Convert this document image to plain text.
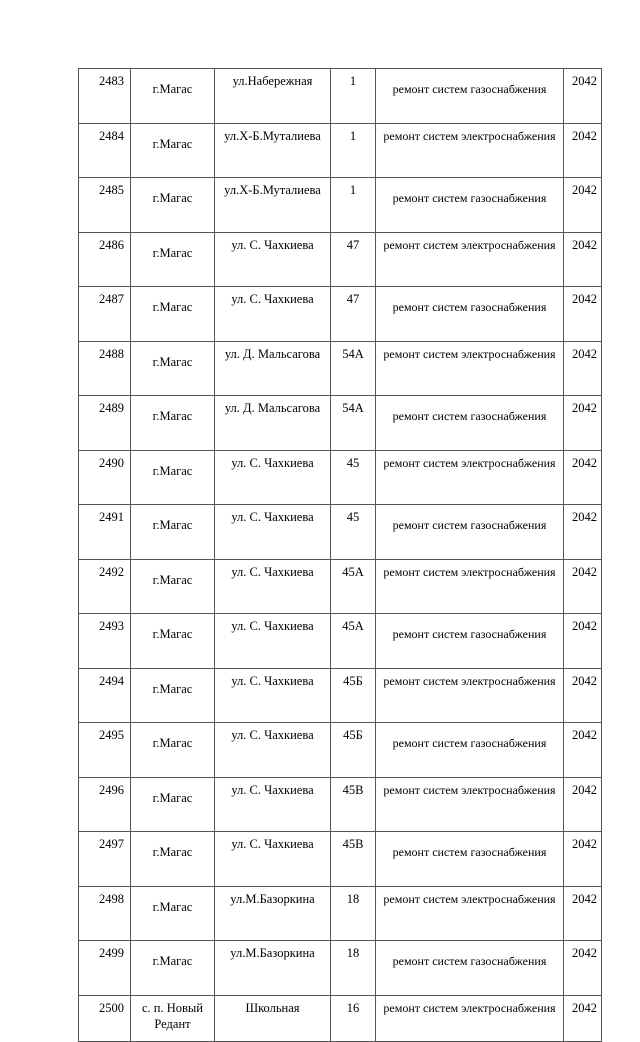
2483	г.Магас	ул.Набережная	1	ремонт систем газоснабжения	2042
2484	г.Магас	ул.Х-Б.Муталиева	1	ремонт систем электроснабжения	2042
2485	г.Магас	ул.Х-Б.Муталиева	1	ремонт систем газоснабжения	2042
2486	г.Магас	ул. С. Чахкиева	47	ремонт систем электроснабжения	2042
2487	г.Магас	ул. С. Чахкиева	47	ремонт систем газоснабжения	2042
2488	г.Магас	ул. Д. Мальсагова	54А	ремонт систем электроснабжения	2042
2489	г.Магас	ул. Д. Мальсагова	54А	ремонт систем газоснабжения	2042
2490	г.Магас	ул. С. Чахкиева	45	ремонт систем электроснабжения	2042
2491	г.Магас	ул. С. Чахкиева	45	ремонт систем газоснабжения	2042
2492	г.Магас	ул. С. Чахкиева	45А	ремонт систем электроснабжения	2042
2493	г.Магас	ул. С. Чахкиева	45А	ремонт систем газоснабжения	2042
2494	г.Магас	ул. С. Чахкиева	45Б	ремонт систем электроснабжения	2042
2495	г.Магас	ул. С. Чахкиева	45Б	ремонт систем газоснабжения	2042
2496	г.Магас	ул. С. Чахкиева	45В	ремонт систем электроснабжения	2042
2497	г.Магас	ул. С. Чахкиева	45В	ремонт систем газоснабжения	2042
2498	г.Магас	ул.М.Базоркина	18	ремонт систем электроснабжения	2042
2499	г.Магас	ул.М.Базоркина	18	ремонт систем газоснабжения	2042
2500	с. п. Новый Редант	Школьная	16	ремонт систем электроснабжения	2042
